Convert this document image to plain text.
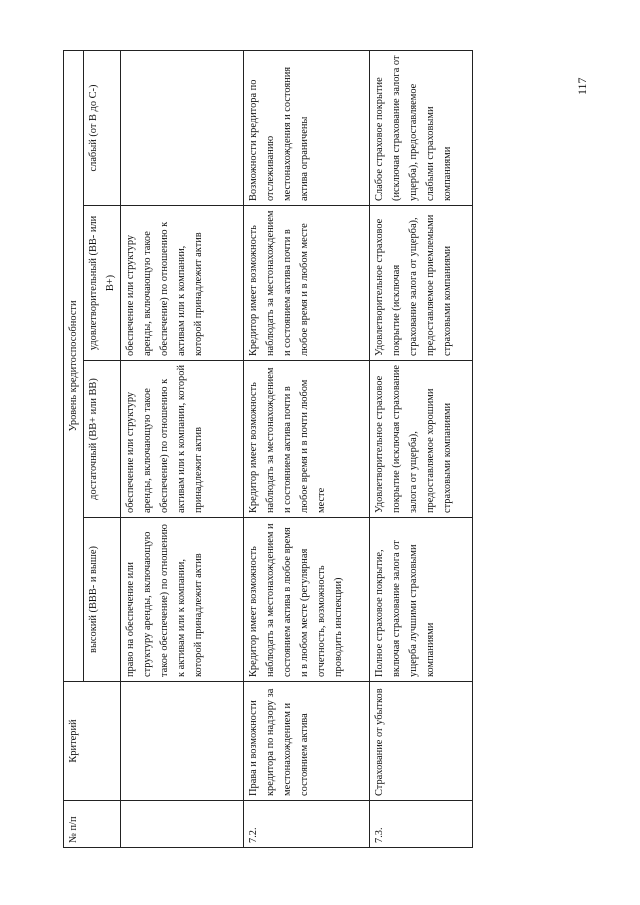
№ п/п	Критерий	Уровень кредитоспособности			
		высокий (BBB- и выше)	достаточный (BB+ или BB)	удовлетворительный (BB- или B+)	слабый (от B до C-)
		право на обеспечение или структуру аренды, включающую такое обеспечение) по отношению к активам или к компании, которой принадлежит актив	обеспечение или структуру аренды, включающую такое обеспечение) по отношению к активам или к компании, которой принадлежит актив	обеспечение или структуру аренды, включающую такое обеспечение) по отношению к активам или к компании, которой принадлежит актив	
7.2.	Права и возможности кредитора по надзору за местонахождением и состоянием актива	Кредитор имеет возможность наблюдать за местонахождением и состоянием актива в любое время и в любом месте (регулярная отчетность, возможность проводить инспекции)	Кредитор имеет возможность наблюдать за местонахождением и состоянием актива почти в любое время и в почти любом месте	Кредитор имеет возможность наблюдать за местонахождением и состоянием актива почти в любое время и в любом месте	Возможности кредитора по отслеживанию местонахождения и состояния актива ограничены
7.3.	Страхование от убытков	Полное страховое покрытие, включая страхование залога от ущерба лучшими страховыми компаниями	Удовлетворительное страховое покрытие (исключая страхование залога от ущерба), предоставляемое хорошими страховыми компаниями	Удовлетворительное страховое покрытие (исключая страхование залога от ущерба), предоставляемое приемлемыми страховыми компаниями	Слабое страховое покрытие (исключая страхование залога от ущерба), предоставляемое слабыми страховыми компаниями
117
